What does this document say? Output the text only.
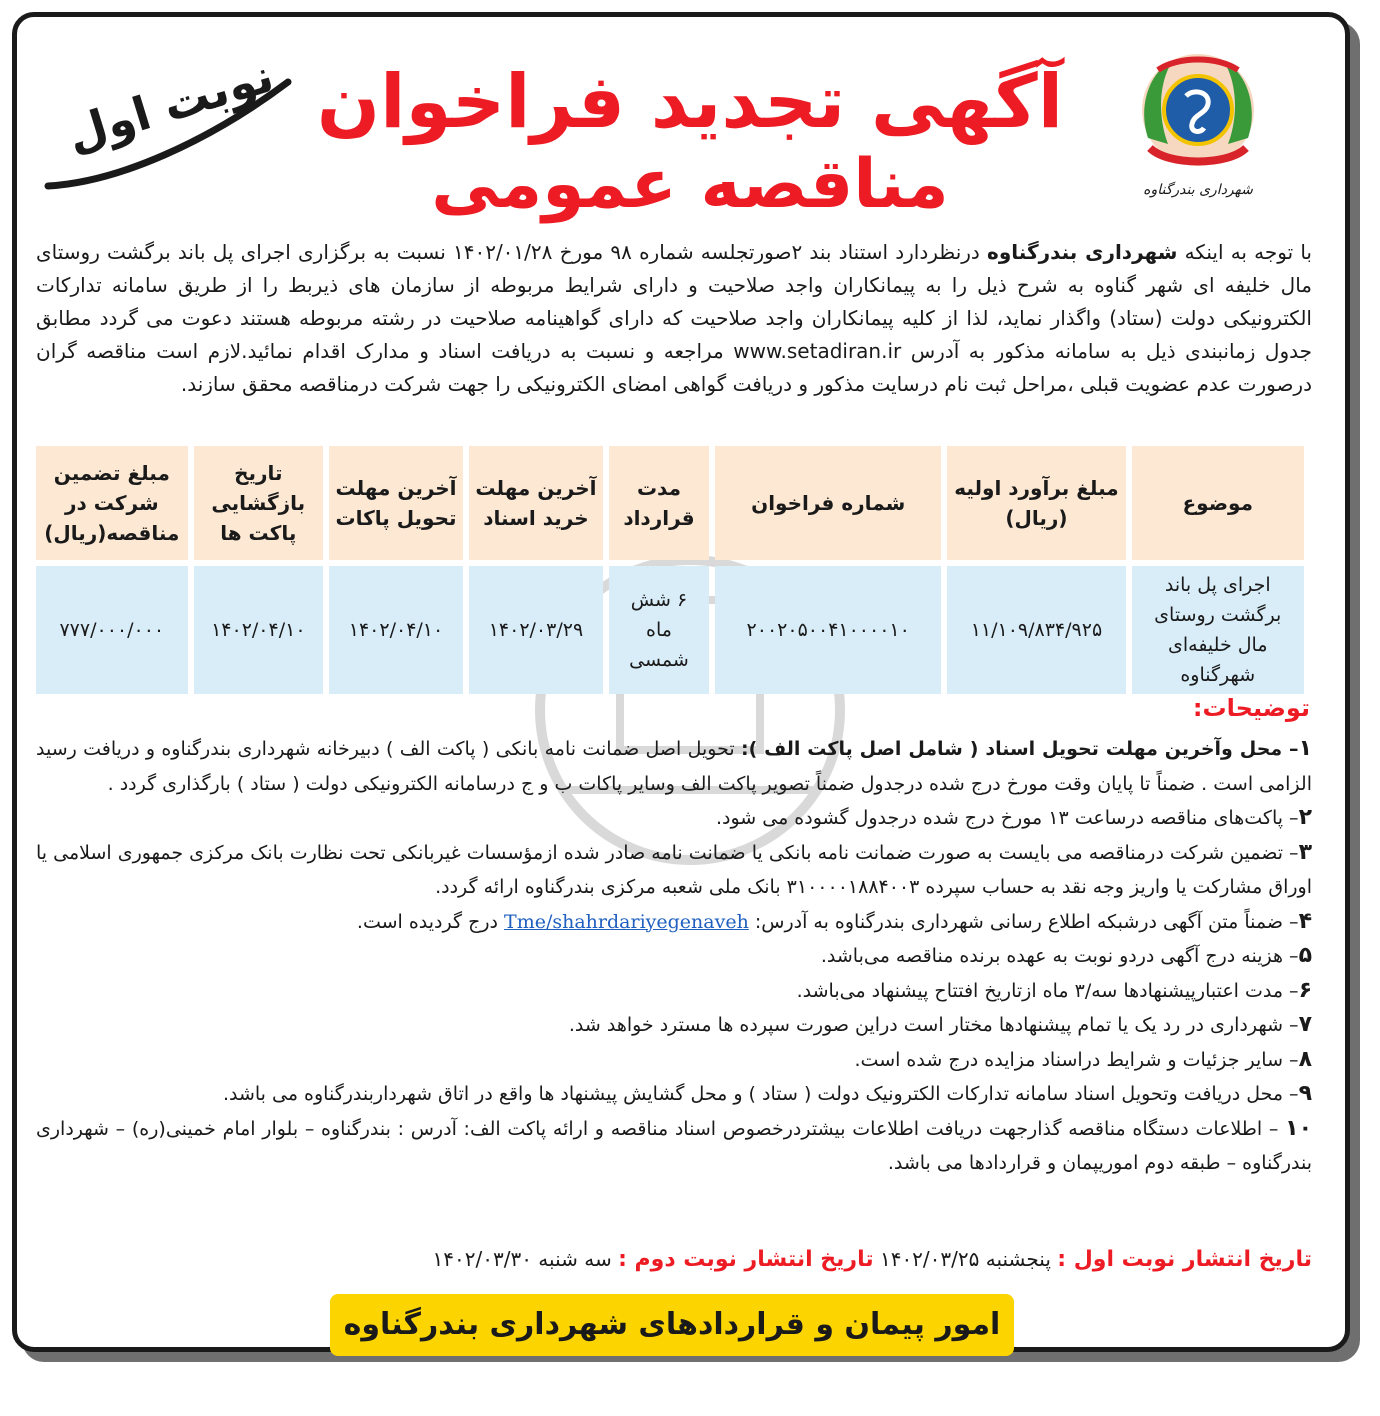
شهرداری بندرگناوه
آگهی تجدید فراخوان
مناقصه عمومی
نوبت اول
با توجه به اینکه شهرداری بندرگناوه درنظردارد استناد بند ۲صورتجلسه شماره ۹۸ مورخ ۱۴۰۲/۰۱/۲۸ نسبت به برگزاری اجرای پل باند برگشت روستای مال خلیفه ای شهر گناوه به شرح ذیل را به پیمانکاران واجد صلاحیت و دارای شرایط مربوطه از سازمان های ذیربط را از طریق سامانه تدارکات الکترونیکی دولت (ستاد) واگذار نماید، لذا از کلیه پیمانکاران واجد صلاحیت که دارای گواهینامه صلاحیت در رشته مربوطه هستند دعوت می گردد مطابق جدول زمانبندی ذیل به سامانه مذکور به آدرس www.setadiran.ir مراجعه و نسبت به دریافت اسناد و مدارک اقدام نمائید.لازم است مناقصه گران درصورت عدم عضویت قبلی ،مراحل ثبت نام درسایت مذکور و دریافت گواهی امضای الکترونیکی را جهت شرکت درمناقصه محقق سازند.
موضوع	مبلغ برآورد اولیه (ریال)	شماره فراخوان	مدت قرارداد	آخرین مهلت خرید اسناد	آخرین مهلت تحویل پاکات	تاریخ بازگشایی پاکت ها	مبلغ تضمین شرکت در مناقصه(ریال)
اجرای پل باند برگشت روستای مال خلیفه‌ای شهرگناوه	۱۱/۱۰۹/۸۳۴/۹۲۵	۲۰۰۲۰۵۰۰۴۱۰۰۰۰۱۰	۶ شش ماه شمسی	۱۴۰۲/۰۳/۲۹	۱۴۰۲/۰۴/۱۰	۱۴۰۲/۰۴/۱۰	۷۷۷/۰۰۰/۰۰۰
توضیحات:
۱– محل وآخرین مهلت تحویل اسناد ( شامل اصل پاکت الف ): تحویل اصل ضمانت نامه بانکی ( پاکت الف ) دبیرخانه شهرداری بندرگناوه و دریافت رسید الزامی است . ضمناً تا پایان وقت مورخ درج شده درجدول ضمناً تصویر پاکت الف وسایر پاکات ب و ج درسامانه الکترونیکی دولت ( ستاد ) بارگذاری گردد .
۲– پاکت‌های مناقصه درساعت ۱۳ مورخ درج شده درجدول گشوده می شود.
۳– تضمین شرکت درمناقصه می بایست به صورت ضمانت نامه بانکی یا ضمانت نامه صادر شده ازمؤسسات غیربانکی تحت نظارت بانک مرکزی جمهوری اسلامی یا اوراق مشارکت یا واریز وجه نقد به حساب سپرده ۳۱۰۰۰۰۱۸۸۴۰۰۳ بانک ملی شعبه مرکزی بندرگناوه ارائه گردد.
۴– ضمناً متن آگهی درشبکه اطلاع رسانی شهرداری بندرگناوه به آدرس: Tme/shahrdariyegenaveh درج گردیده است.
۵– هزینه درج آگهی دردو نوبت به عهده برنده مناقصه می‌باشد.
۶– مدت اعتبارپیشنهادها سه/۳ ماه ازتاریخ افتتاح پیشنهاد می‌باشد.
۷– شهرداری در رد یک یا تمام پیشنهادها مختار است دراین صورت سپرده ها مسترد خواهد شد.
۸– سایر جزئیات و شرایط دراسناد مزایده درج شده است.
۹– محل دریافت وتحویل اسناد سامانه تدارکات الکترونیک دولت ( ستاد ) و محل گشایش پیشنهاد ها واقع در اتاق شهرداربندرگناوه می باشد.
۱۰ – اطلاعات دستگاه مناقصه گذارجهت دریافت اطلاعات بیشتردرخصوص اسناد مناقصه و ارائه پاکت الف: آدرس : بندرگناوه – بلوار امام خمینی(ره) – شهرداری بندرگناوه – طبقه دوم اموریپمان و قراردادها می باشد.
تاریخ انتشار نوبت اول : پنجشنبه ۱۴۰۲/۰۳/۲۵ تاریخ انتشار نوبت دوم : سه شنبه ۱۴۰۲/۰۳/۳۰
امور پیمان و قراردادهای شهرداری بندرگناوه
